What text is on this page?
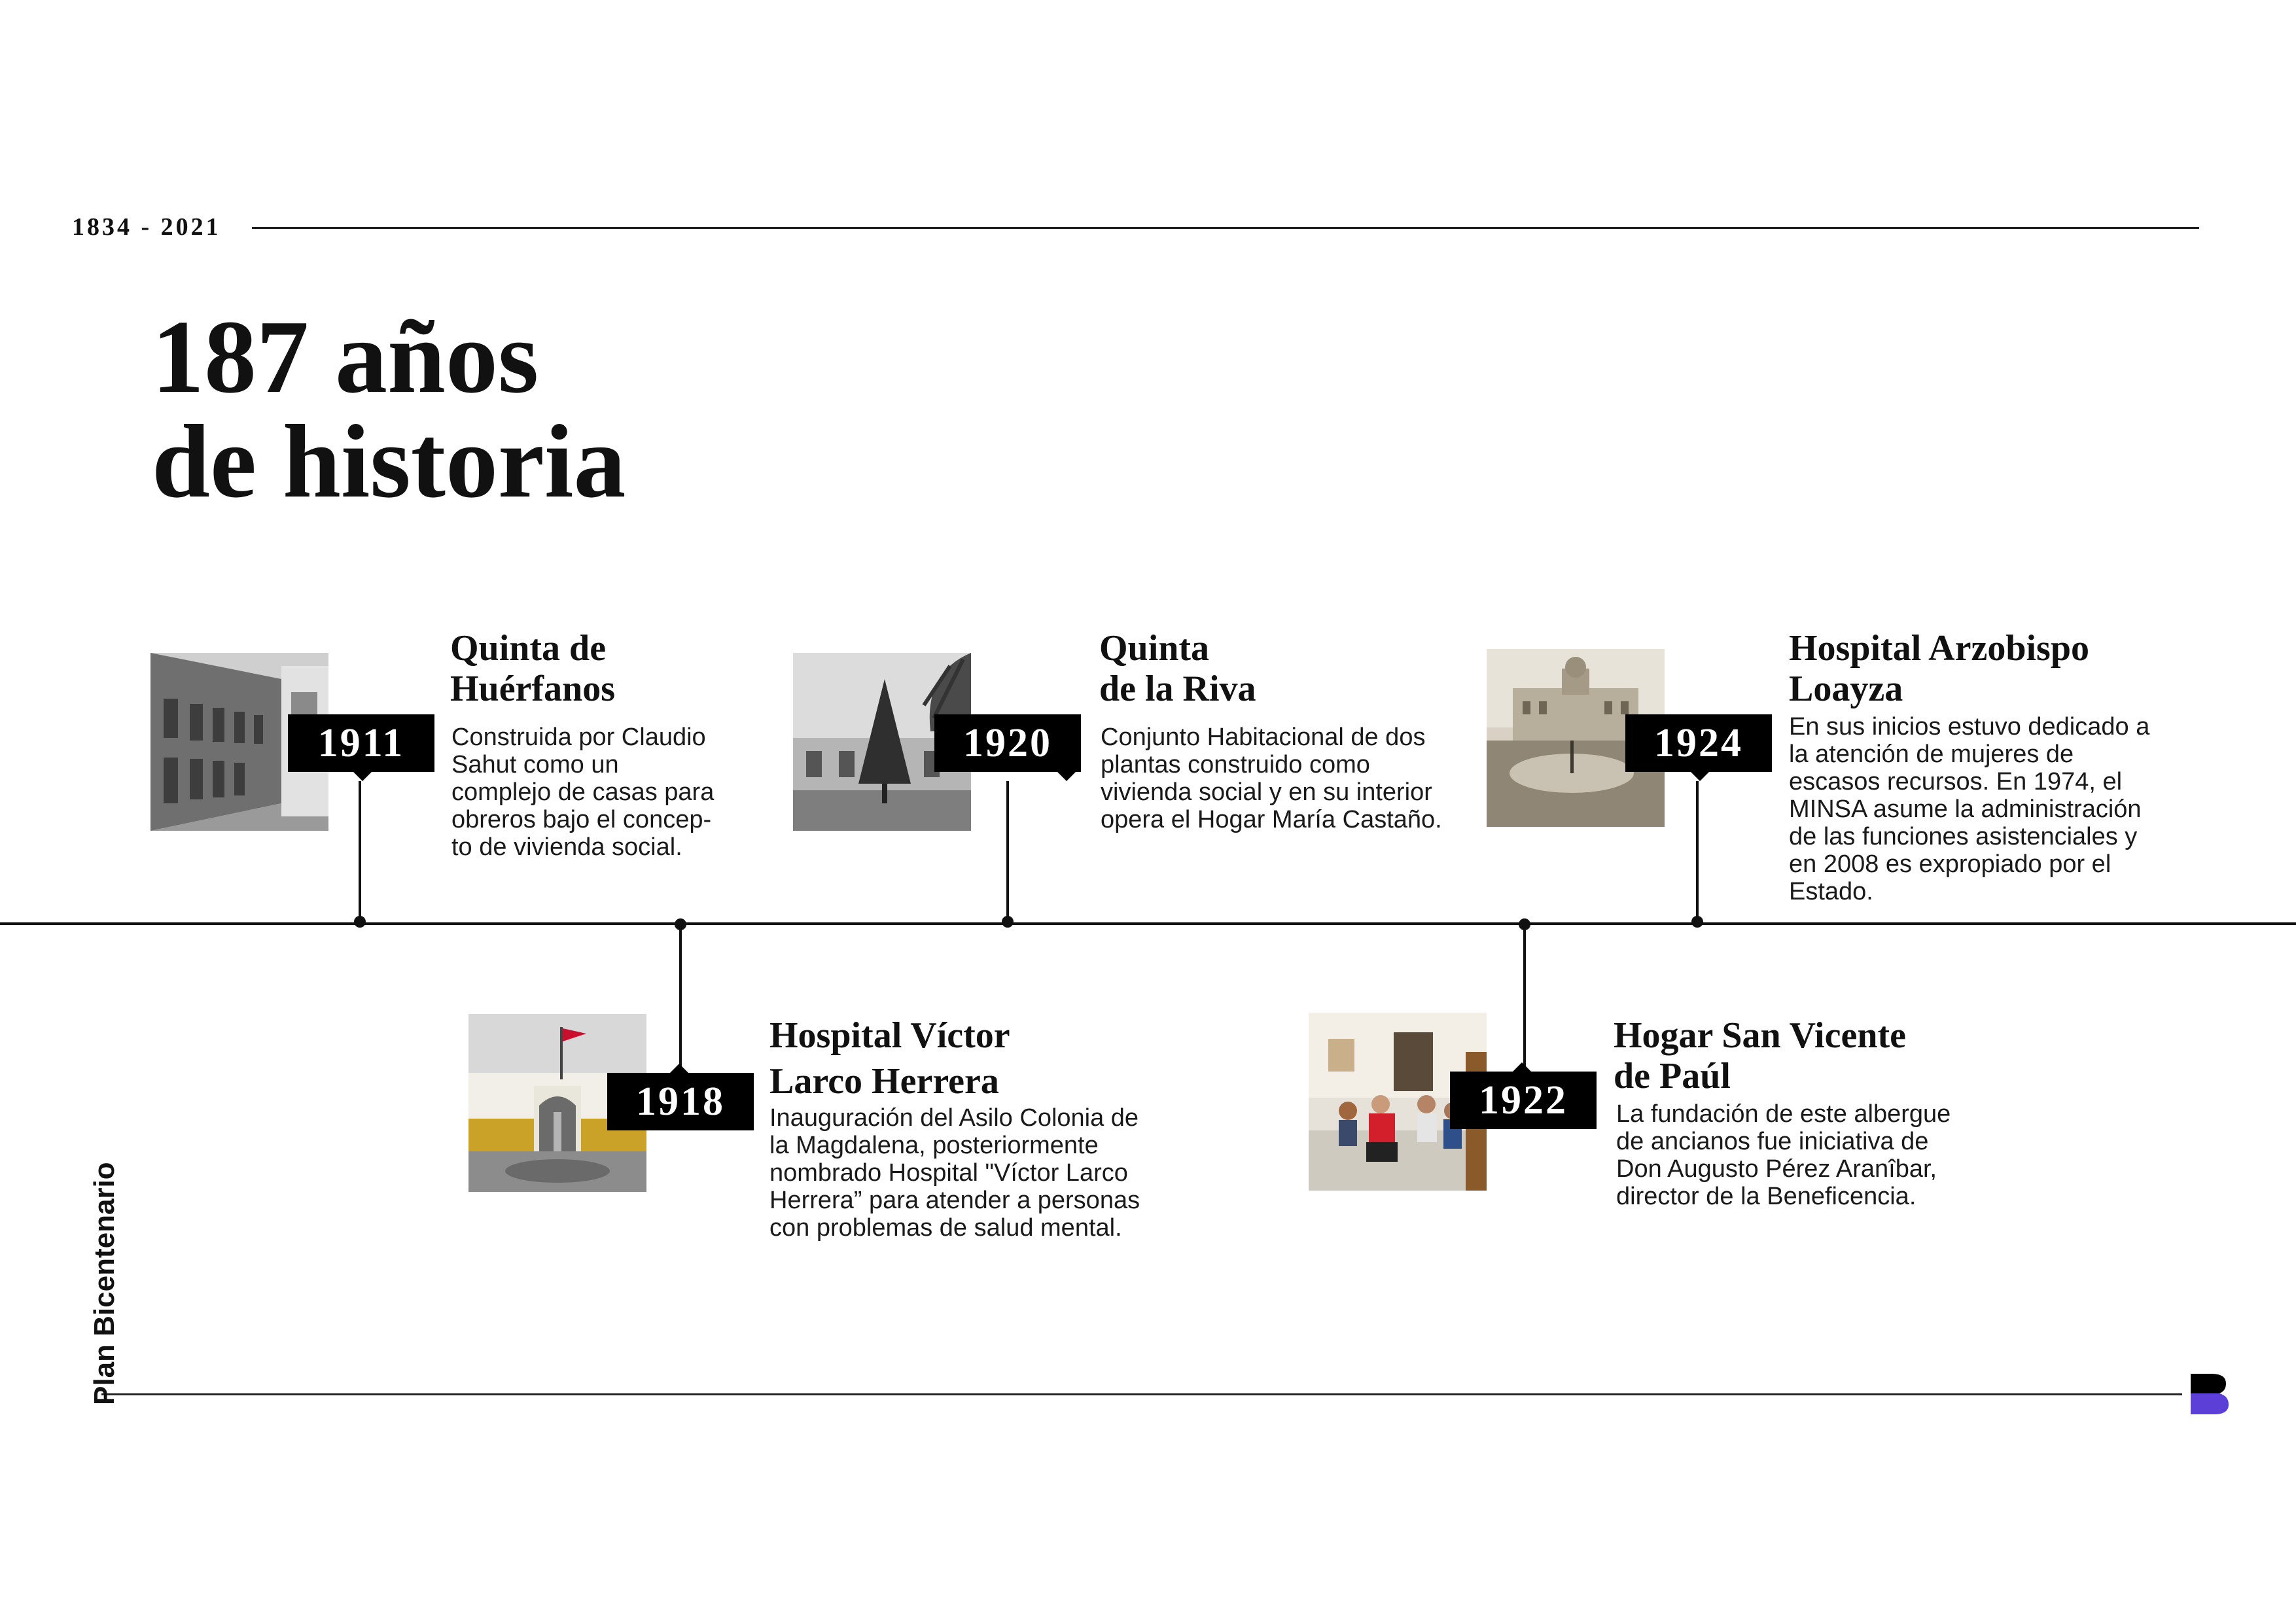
1834 - 2021
187 años
de historia
1911
Quinta de
Huérfanos

Construida por Claudio
Sahut como un
complejo de casas para
obreros bajo el concep-
to de vivienda social.

1920
Quinta
de la Riva

Conjunto Habitacional de dos
plantas construido como
vivienda social y en su interior
opera el Hogar María Castaño.

1924
Hospital Arzobispo
Loayza

En sus inicios estuvo dedicado a
la atención de mujeres de
escasos recursos. En 1974, el
MINSA asume la administración
de las funciones asistenciales y
en 2008 es expropiado por el
Estado.

1918
Hospital Víctor
Larco Herrera

Inauguración del Asilo Colonia de
la Magdalena, posteriormente
nombrado Hospital "Víctor Larco
Herrera” para atender a personas
con problemas de salud mental.

1922
Hogar San Vicente
de Paúl

La fundación de este albergue
de ancianos fue iniciativa de
Don Augusto Pérez Aranîbar,
director de la Beneficencia.

Plan Bicentenario
